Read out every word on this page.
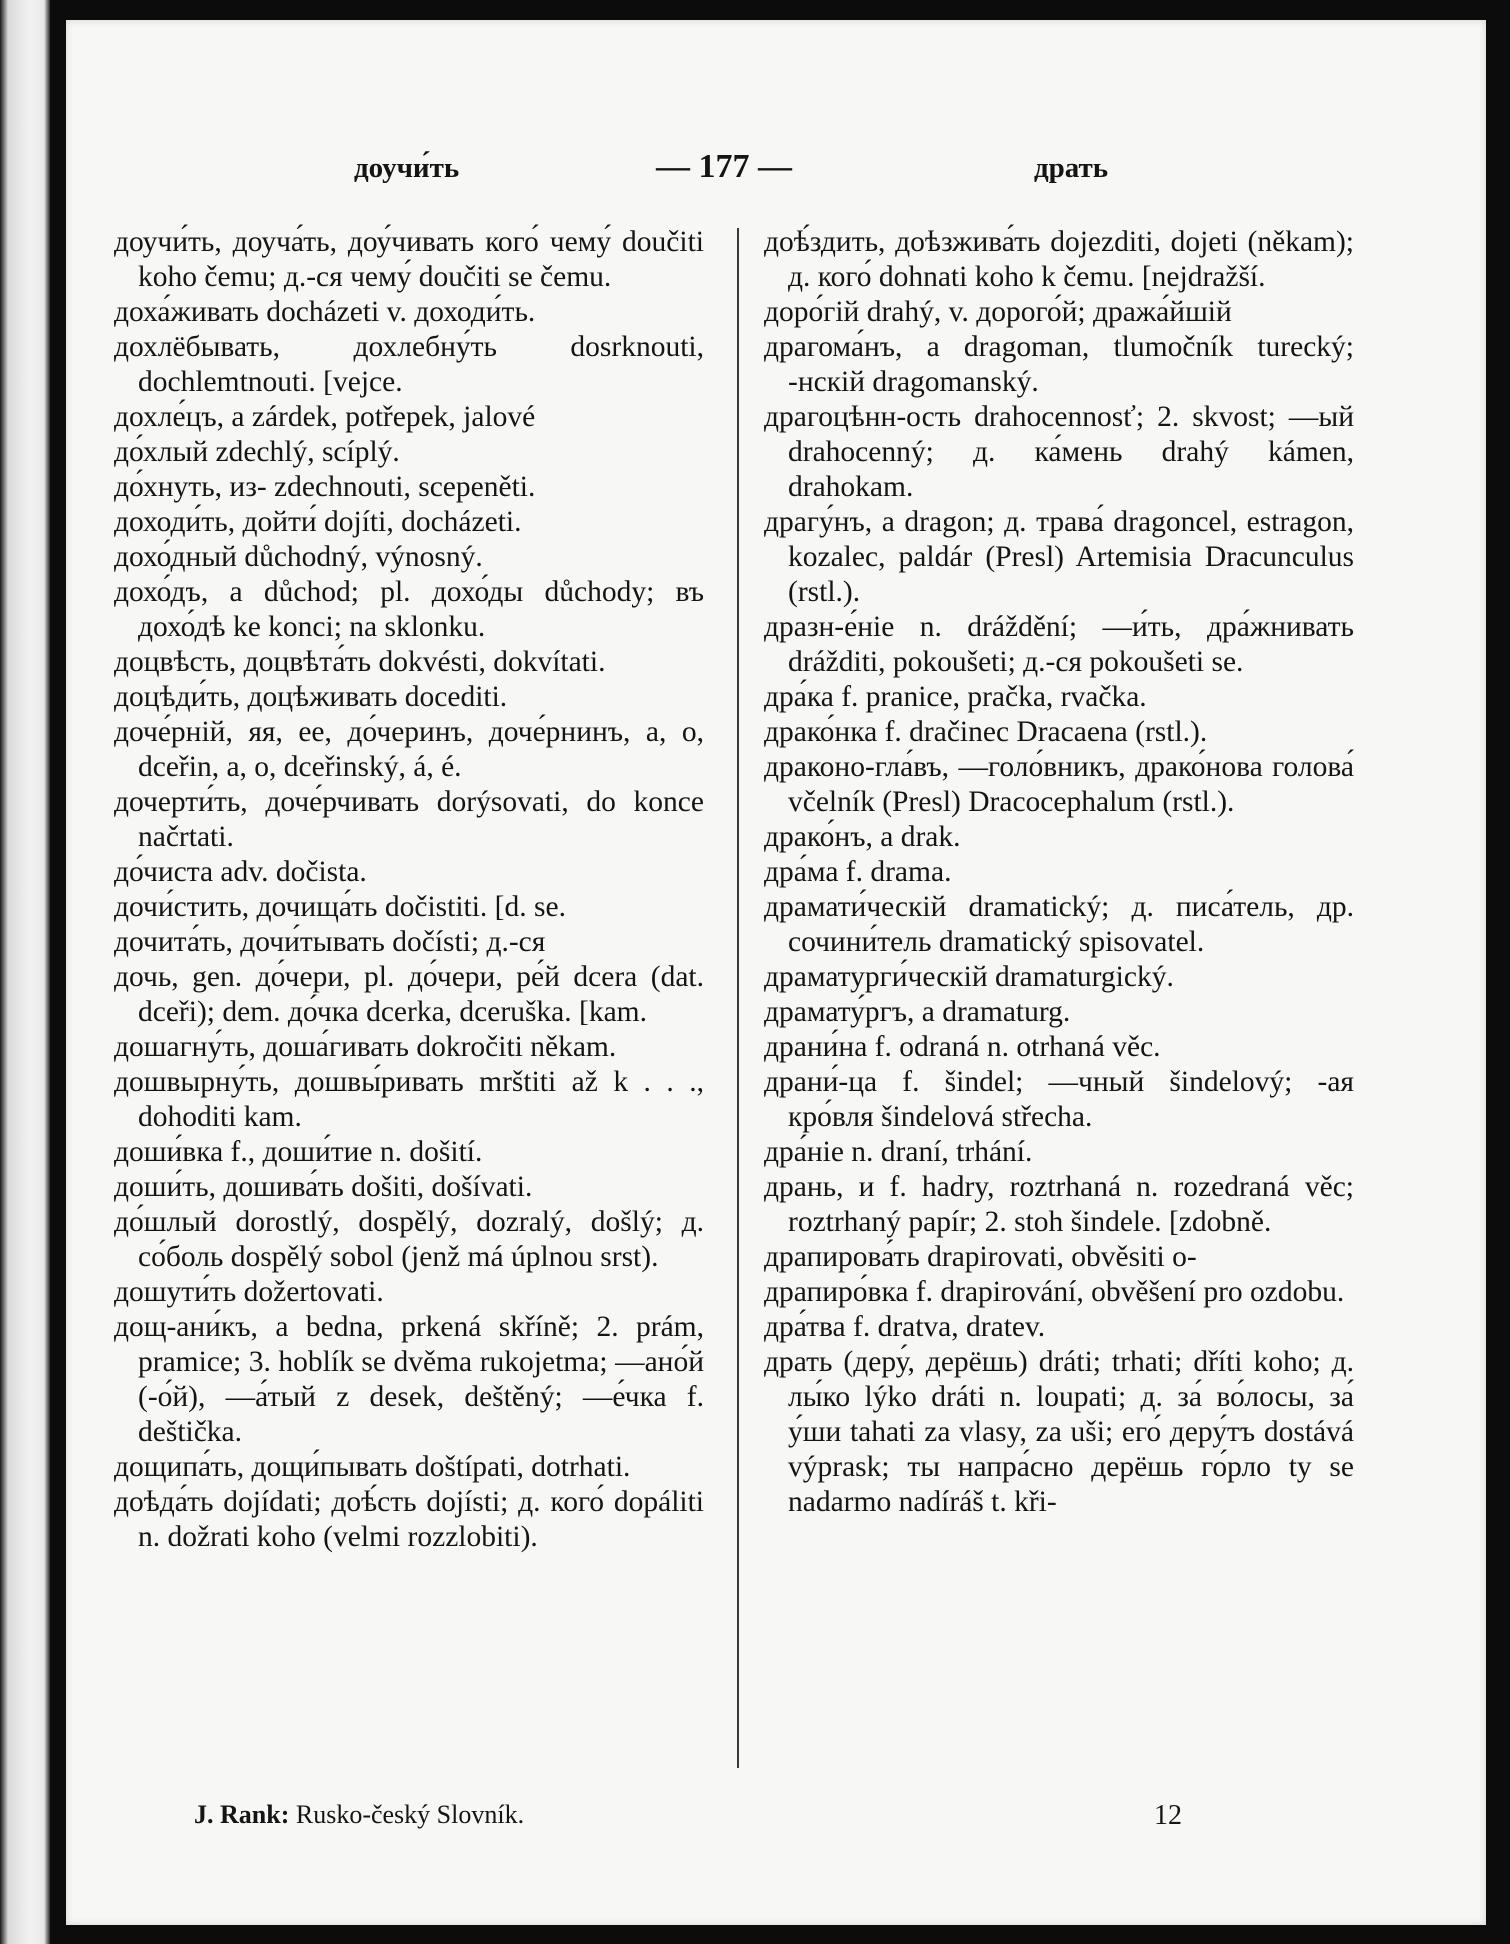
доучи́ть	— 177 —	драть

доучи́ть, доуча́ть, доу́чивать кого́ чему́ doučiti koho čemu; д.-ся чему́ doučiti se čemu.

доха́живать docházeti v. доходи́ть.

дохлёбывать, дохлебну́ть dosrknouti, dochlemtnouti. [vejce.

дохле́цъ, а zárdek, potřepek, jalové

до́хлый zdechlý, scíplý.

до́хнуть, из- zdechnouti, scepeněti.

доходи́ть, дойти́ dojíti, docházeti.

дохо́дный důchodný, výnosný.

дохо́дъ, а důchod; pl. дохо́ды důchody; въ дохо́дѣ ke konci; na sklonku.

доцвѣсть, доцвѣта́ть dokvésti, dokvítati.

доцѣди́ть, доцѣживать docediti.

доче́рній, яя, ее, до́черинъ, доче́рнинъ, а, о, dceřin, a, o, dceřinský, á, é.

дочерти́ть, доче́рчивать dorýsovati, do konce načrtati.

до́чиста adv. dočista.

дочи́стить, дочища́ть dočistiti. [d. se.

дочита́ть, дочи́тывать dočísti; д.-ся

дочь, gen. до́чери, pl. до́чери, ре́й dcera (dat. dceři); dem. до́чка dcerka, dceruška. [kam.

дошагну́ть, доша́гивать dokročiti někam.

дошвырну́ть, дошвы́ривать mrštiti až k . . ., dohoditi kam.

доши́вка f., доши́тие n. došití.

доши́ть, дошива́ть došiti, došívati.

до́шлый dorostlý, dospělý, dozralý, došlý; д. со́боль dospělý sobol (jenž má úplnou srst).

дошути́ть dožertovati.

дощ-ани́къ, а bedna, prkená skříně; 2. prám, pramice; 3. hoblík se dvěma rukojetma; —ано́й (-о́й), —а́тый z desek, deštěný; —е́чка f. deštička.

дощипа́ть, дощи́пывать doštípati, dotrhati.

доѣда́ть dojídati; доѣ́сть dojísti; д. кого́ dopáliti n. dožrati koho (velmi rozzlobiti).

доѣ́здить, доѣзжива́ть dojezditi, dojeti (někam); д. кого́ dohnati koho k čemu. [nejdražší.

доро́гій drahý, v. дорого́й; дража́йшій

драгома́нъ, а dragoman, tlumočník turecký; -нскій dragomanský.

драгоцѣнн-ость drahocennosť; 2. skvost; —ый drahocenný; д. ка́мень drahý kámen, drahokam.

драгу́нъ, а dragon; д. трава́ dragoncel, estragon, kozalec, paldár (Presl) Artemisia Dracunculus (rstl.).

дразн-е́ніе n. dráždění; —и́ть, дра́жнивать drážditi, pokoušeti; д.-ся pokoušeti se.

дра́ка f. pranice, pračka, rvačka.

драко́нка f. dračinec Dracaena (rstl.).

драконо-гла́въ, —голо́вникъ, драко́нова голова́ včelník (Presl) Dracocephalum (rstl.).

драко́нъ, а drak.

дра́ма f. drama.

драмати́ческій dramatický; д. писа́тель, др. сочини́тель dramatický spisovatel.

драматурги́ческій dramaturgický.

драмату́ргъ, а dramaturg.

драни́на f. odraná n. otrhaná věc.

драни́-ца f. šindel; —чный šindelový; -ая кро́вля šindelová střecha.

дра́ніе n. draní, trhání.

дрань, и f. hadry, roztrhaná n. rozedraná věc; roztrhaný papír; 2. stoh šindele. [zdobně.

драпирова́ть drapirovati, obvěsiti o-

драпиро́вка f. drapirování, obvěšení pro ozdobu.

дра́тва f. dratva, dratev.

драть (деру́, дерёшь) dráti; trhati; dříti koho; д. лы́ко lýko dráti n. loupati; д. за́ во́лосы, за́ у́ши tahati za vlasy, za uši; его́ деру́тъ dostává výprask; ты напра́сно дерёшь го́рло ty se nadarmo nadíráš t. kři-

J. Rank: Rusko-český Slovník.	12
